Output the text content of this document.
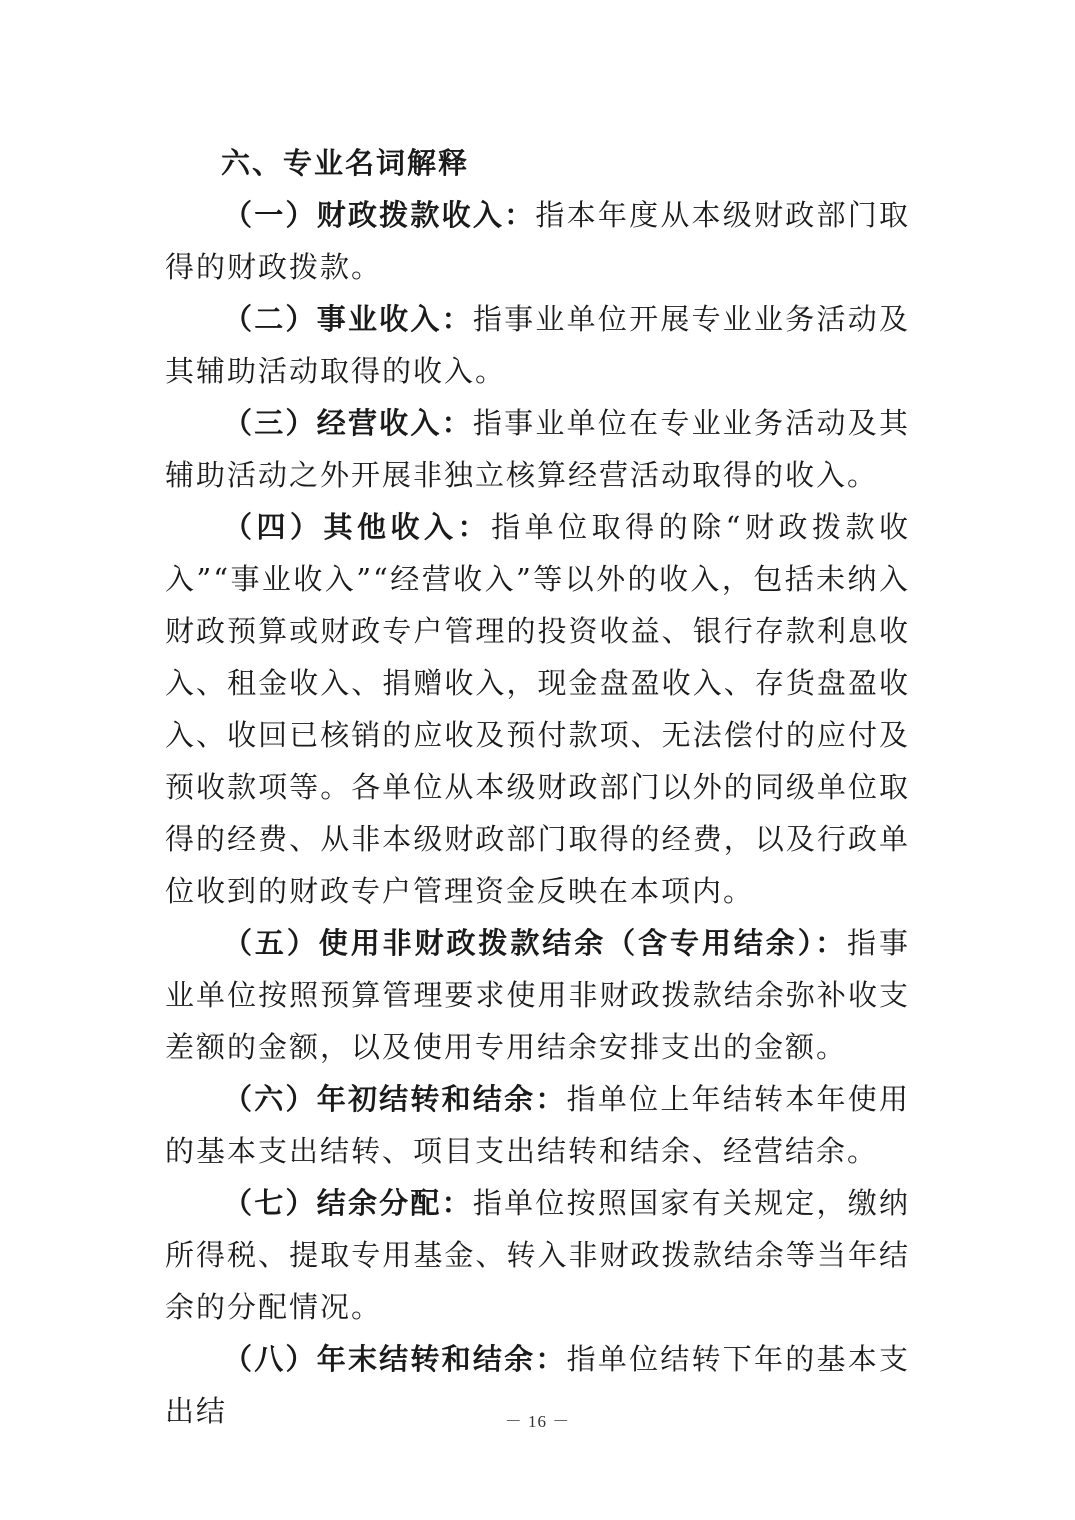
六、专业名词解释

（一）财政拨款收入：指本年度从本级财政部门取得的财政拨款。

（二）事业收入：指事业单位开展专业业务活动及其辅助活动取得的收入。

（三）经营收入：指事业单位在专业业务活动及其辅助活动之外开展非独立核算经营活动取得的收入。

（四）其他收入：指单位取得的除“财政拨款收入”“事业收入”“经营收入”等以外的收入，包括未纳入财政预算或财政专户管理的投资收益、银行存款利息收入、租金收入、捐赠收入，现金盘盈收入、存货盘盈收入、收回已核销的应收及预付款项、无法偿付的应付及预收款项等。各单位从本级财政部门以外的同级单位取得的经费、从非本级财政部门取得的经费，以及行政单位收到的财政专户管理资金反映在本项内。

（五）使用非财政拨款结余（含专用结余）：指事业单位按照预算管理要求使用非财政拨款结余弥补收支差额的金额，以及使用专用结余安排支出的金额。

（六）年初结转和结余：指单位上年结转本年使用的基本支出结转、项目支出结转和结余、经营结余。

（七）结余分配：指单位按照国家有关规定，缴纳所得税、提取专用基金、转入非财政拨款结余等当年结余的分配情况。

（八）年末结转和结余：指单位结转下年的基本支出结	－ 16 －
